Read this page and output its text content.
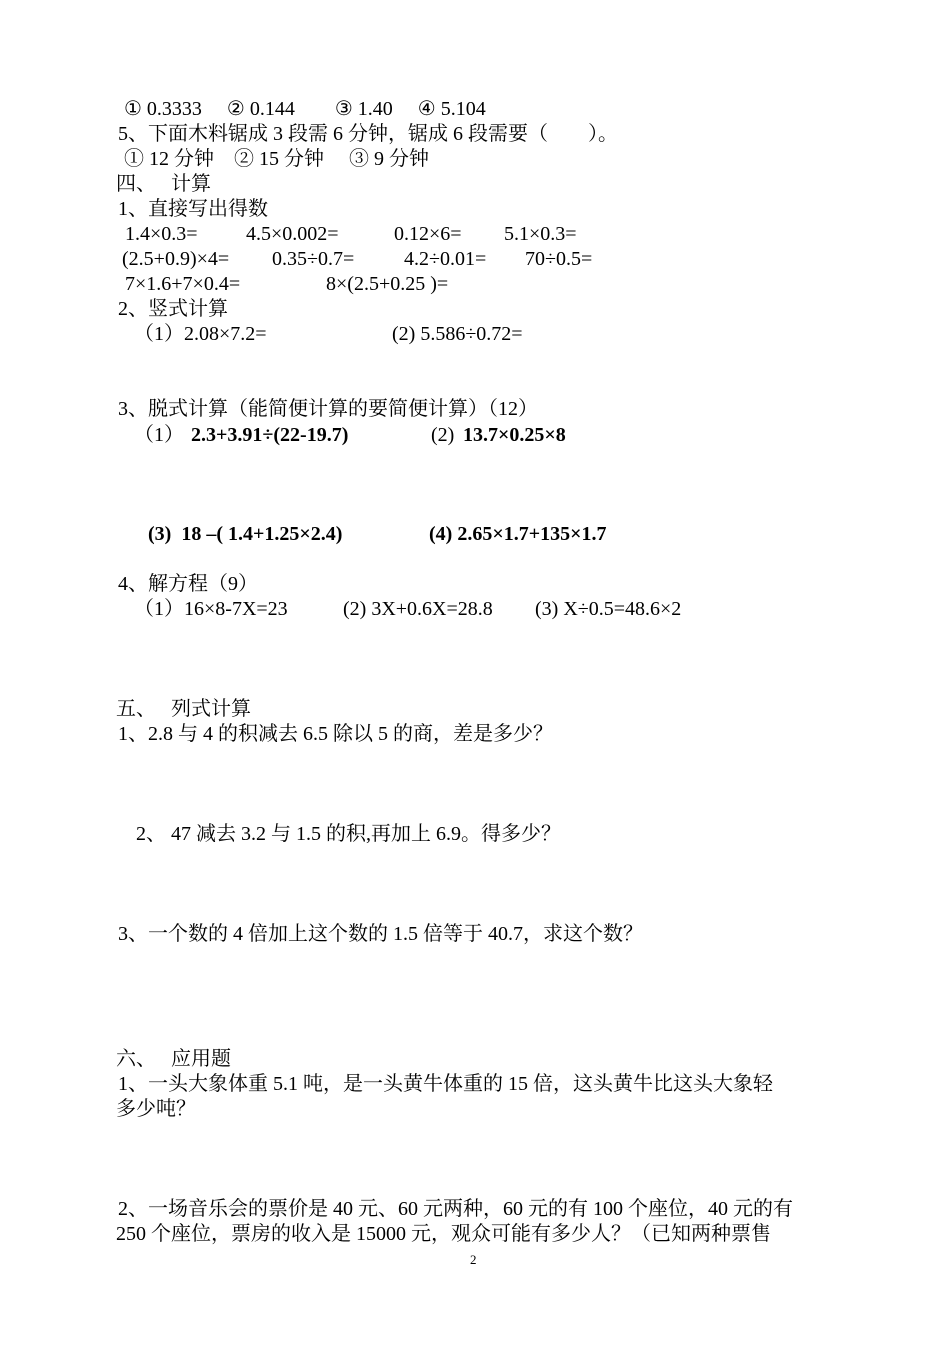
① 0.3333　 ② 0.144　　③ 1.40　 ④ 5.104
5、下面木料锯成 3 段需 6 分钟，锯成 6 段需要（　　）。
① 12 分钟　② 15 分钟　 ③ 9 分钟
四、　 计算
1、直接写出得数
1.4×0.3= 4.5×0.002=	0.12×6= 5.1×0.3=
(2.5+0.9)×4= 0.35÷0.7= 4.2÷0.01= 70÷0.5=
7×1.6+7×0.4=	8×(2.5+0.25 )=
2、竖式计算
（1）2.08×7.2=	(2) 5.586÷0.72=
3、脱式计算（能简便计算的要简便计算）（12）
（1） 2.3+3.91÷(22-19.7)	(2) 13.7×0.25×8
(3)  18 –( 1.4+1.25×2.4)	(4) 2.65×1.7+135×1.7
4、解方程（9）
（1）16×8-7X=23	(2) 3X+0.6X=28.8 (3) X÷0.5=48.6×2
五、　 列式计算
1、2.8 与 4 的积减去 6.5 除以 5 的商，差是多少？
2、 47 减去 3.2 与 1.5 的积,再加上 6.9。得多少？
3、一个数的 4 倍加上这个数的 1.5 倍等于 40.7，求这个数？
六、　 应用题
1、一头大象体重 5.1 吨，是一头黄牛体重的 15 倍，这头黄牛比这头大象轻
多少吨？
2、一场音乐会的票价是 40 元、60 元两种，60 元的有 100 个座位，40 元的有
250 个座位，票房的收入是 15000 元，观众可能有多少人？（已知两种票售
2
